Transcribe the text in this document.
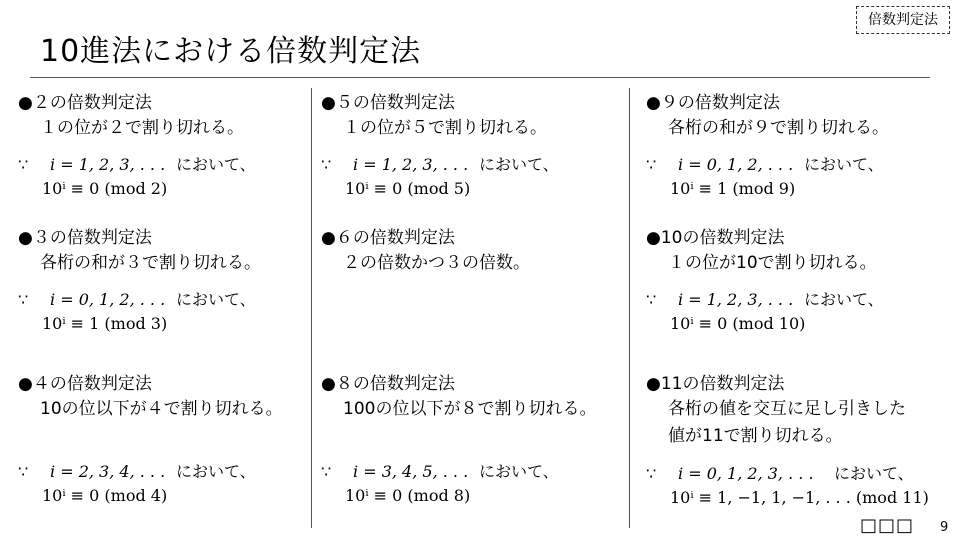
10進法における倍数判定法
倍数判定法
●２の倍数判定法
１の位が２で割り切れる。
∵ i = 1, 2, 3, . . . において、
10ⁱ ≡ 0 (mod 2)
●３の倍数判定法
各桁の和が３で割り切れる。
∵ i = 0, 1, 2, . . . において、
10ⁱ ≡ 1 (mod 3)
●４の倍数判定法
10の位以下が４で割り切れる。
∵ i = 2, 3, 4, . . . において、
10ⁱ ≡ 0 (mod 4)
●５の倍数判定法
１の位が５で割り切れる。
∵ i = 1, 2, 3, . . . において、
10ⁱ ≡ 0 (mod 5)
●６の倍数判定法
２の倍数かつ３の倍数。
●８の倍数判定法
100の位以下が８で割り切れる。
∵ i = 3, 4, 5, . . . において、
10ⁱ ≡ 0 (mod 8)
●９の倍数判定法
各桁の和が９で割り切れる。
∵ i = 0, 1, 2, . . . において、
10ⁱ ≡ 1 (mod 9)
●10の倍数判定法
１の位が10で割り切れる。
∵ i = 1, 2, 3, . . . において、
10ⁱ ≡ 0 (mod 10)
●11の倍数判定法
各桁の値を交互に足し引きした
値が11で割り切れる。
∵ i = 0, 1, 2, 3, . . . において、
10ⁱ ≡ 1, −1, 1, −1, . . . (mod 11)
□□□ 9
